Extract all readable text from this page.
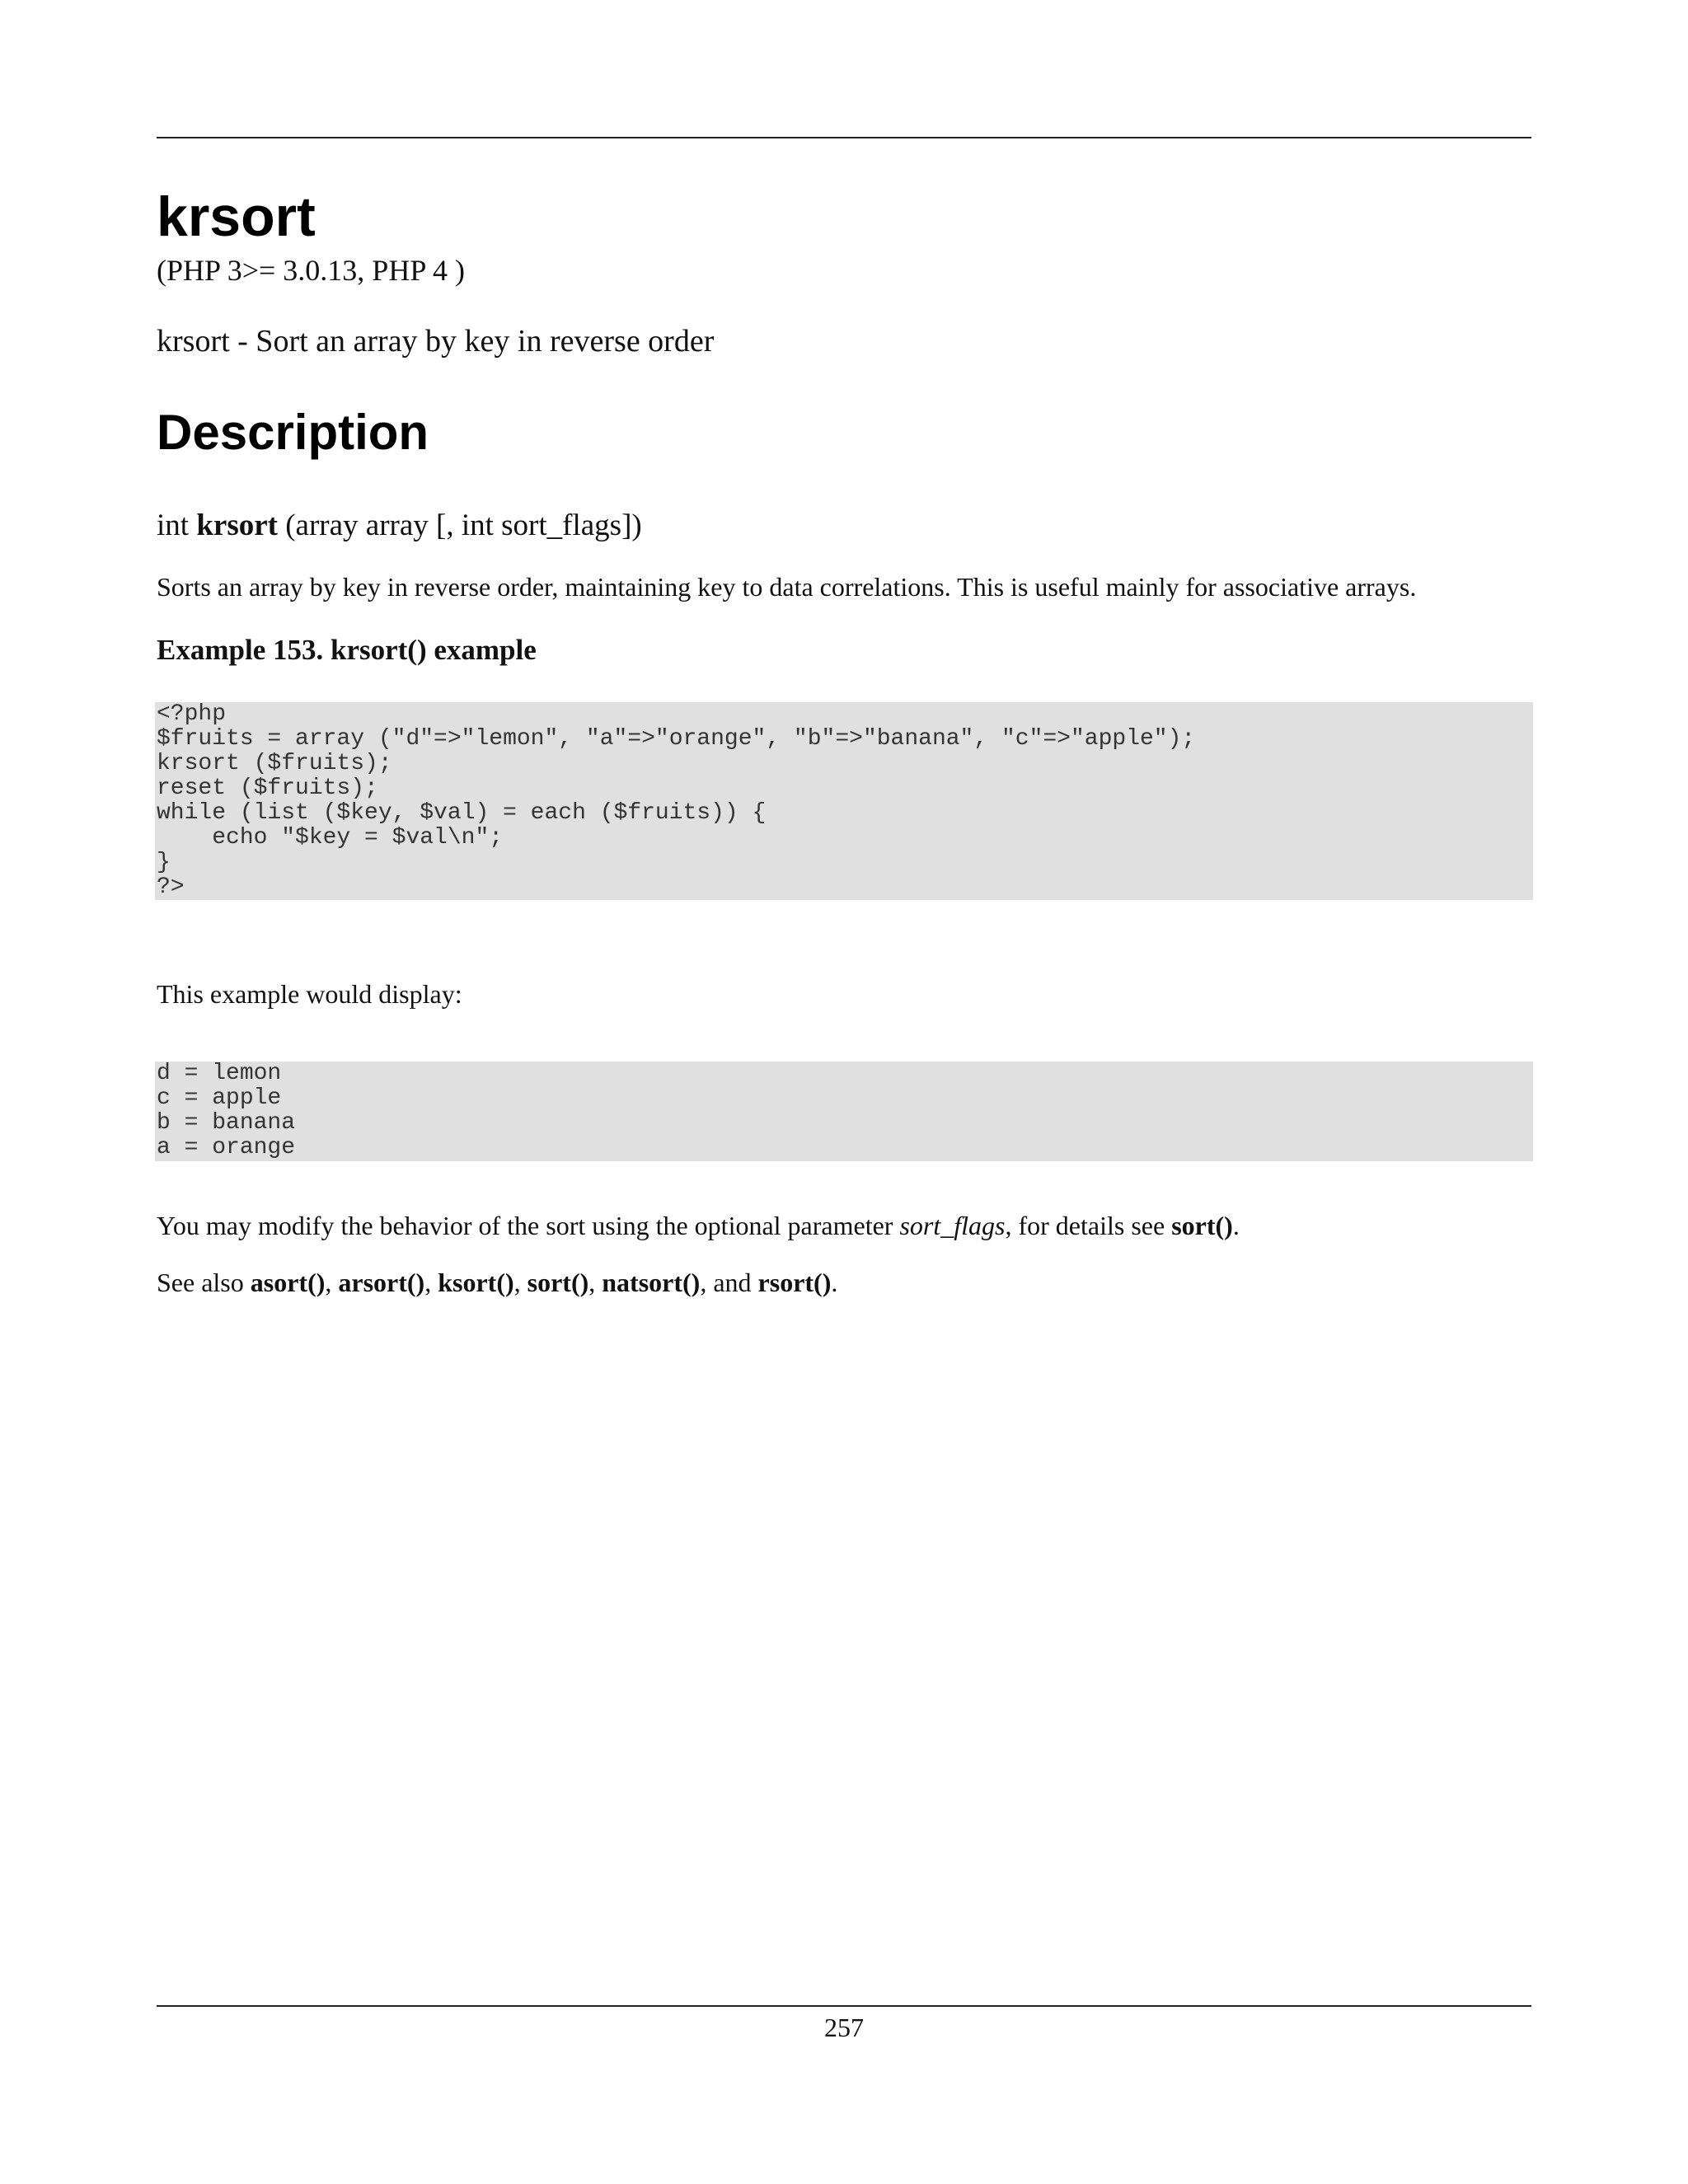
krsort

(PHP 3>= 3.0.13, PHP 4 )

krsort - Sort an array by key in reverse order

Description

int krsort (array array [, int sort_flags])

Sorts an array by key in reverse order, maintaining key to data correlations. This is useful mainly for associative arrays.

Example 153. krsort() example

<?php
$fruits = array ("d"=>"lemon", "a"=>"orange", "b"=>"banana", "c"=>"apple");
krsort ($fruits);
reset ($fruits);
while (list ($key, $val) = each ($fruits)) {
echo "$key = $val\n";
}
?>

This example would display:

d = lemon
c = apple
b = banana
a = orange

You may modify the behavior of the sort using the optional parameter sort_flags, for details see sort().

See also asort(), arsort(), ksort(), sort(), natsort(), and rsort().

257
